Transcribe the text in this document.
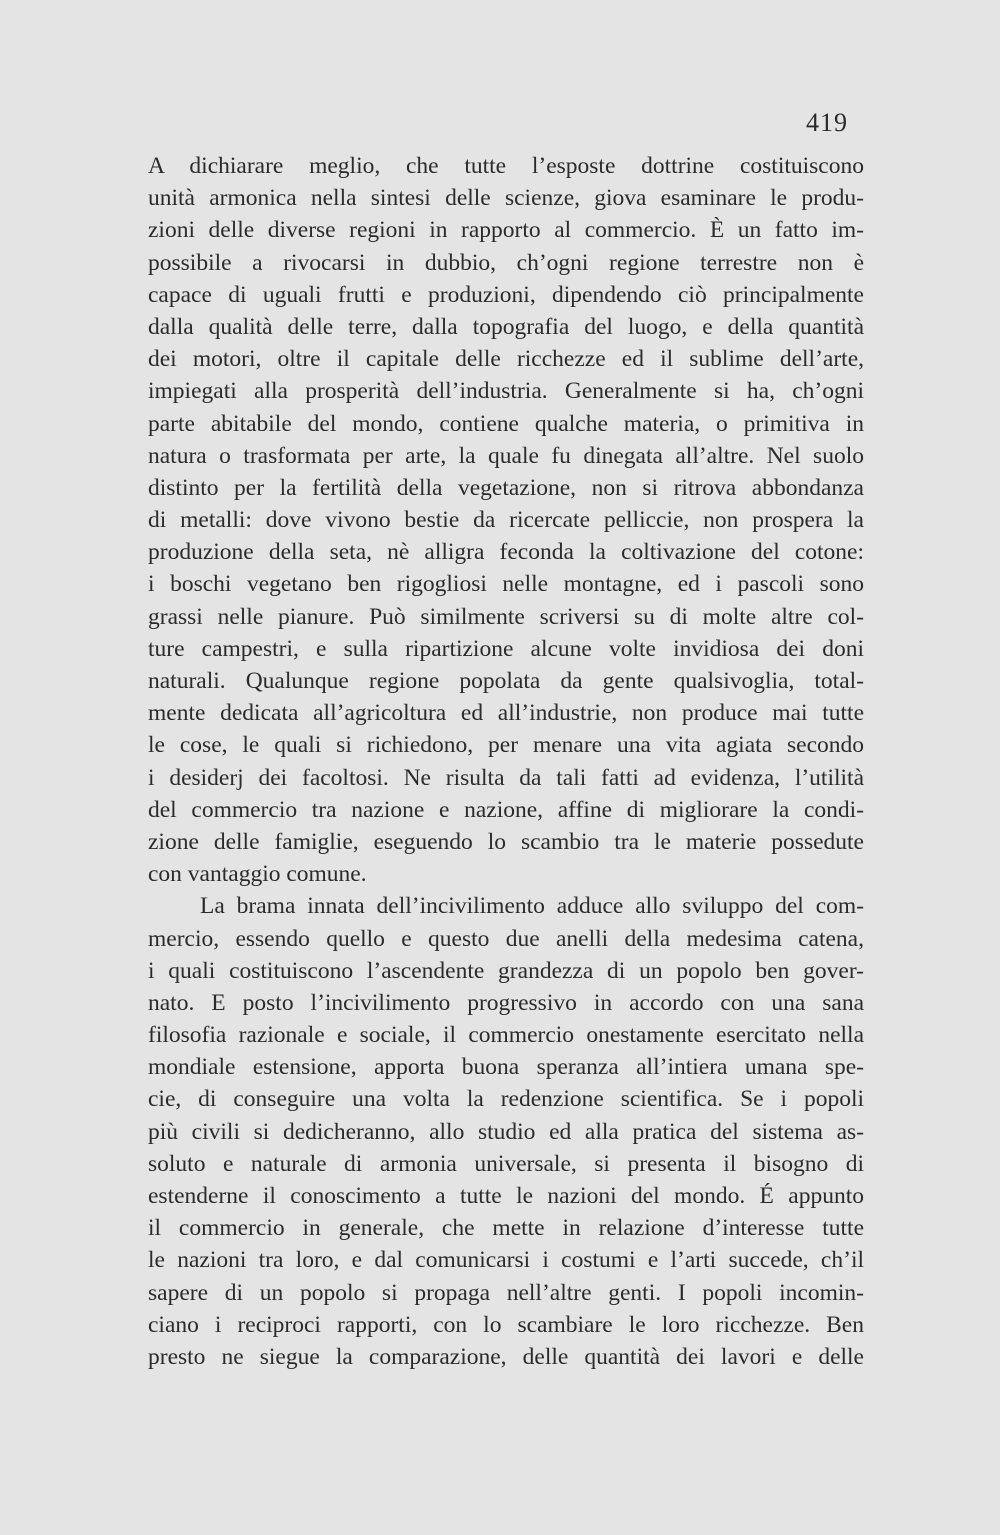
419
A dichiarare meglio, che tutte l’esposte dottrine costituiscono
unità armonica nella sintesi delle scienze, giova esaminare le produ-
zioni delle diverse regioni in rapporto al commercio. È un fatto im-
possibile a rivocarsi in dubbio, ch’ogni regione terrestre non è
capace di uguali frutti e produzioni, dipendendo ciò principalmente
dalla qualità delle terre, dalla topografia del luogo, e della quantità
dei motori, oltre il capitale delle ricchezze ed il sublime dell’arte,
impiegati alla prosperità dell’industria. Generalmente si ha, ch’ogni
parte abitabile del mondo, contiene qualche materia, o primitiva in
natura o trasformata per arte, la quale fu dinegata all’altre. Nel suolo
distinto per la fertilità della vegetazione, non si ritrova abbondanza
di metalli: dove vivono bestie da ricercate pelliccie, non prospera la
produzione della seta, nè alligra feconda la coltivazione del cotone:
i boschi vegetano ben rigogliosi nelle montagne, ed i pascoli sono
grassi nelle pianure. Può similmente scriversi su di molte altre col-
ture campestri, e sulla ripartizione alcune volte invidiosa dei doni
naturali. Qualunque regione popolata da gente qualsivoglia, total-
mente dedicata all’agricoltura ed all’industrie, non produce mai tutte
le cose, le quali si richiedono, per menare una vita agiata secondo
i desiderj dei facoltosi. Ne risulta da tali fatti ad evidenza, l’utilità
del commercio tra nazione e nazione, affine di migliorare la condi-
zione delle famiglie, eseguendo lo scambio tra le materie possedute
con vantaggio comune.
La brama innata dell’incivilimento adduce allo sviluppo del com-
mercio, essendo quello e questo due anelli della medesima catena,
i quali costituiscono l’ascendente grandezza di un popolo ben gover-
nato. E posto l’incivilimento progressivo in accordo con una sana
filosofia razionale e sociale, il commercio onestamente esercitato nella
mondiale estensione, apporta buona speranza all’intiera umana spe-
cie, di conseguire una volta la redenzione scientifica. Se i popoli
più civili si dedicheranno, allo studio ed alla pratica del sistema as-
soluto e naturale di armonia universale, si presenta il bisogno di
estenderne il conoscimento a tutte le nazioni del mondo. É appunto
il commercio in generale, che mette in relazione d’interesse tutte
le nazioni tra loro, e dal comunicarsi i costumi e l’arti succede, ch’il
sapere di un popolo si propaga nell’altre genti. I popoli incomin-
ciano i reciproci rapporti, con lo scambiare le loro ricchezze. Ben
presto ne siegue la comparazione, delle quantità dei lavori e delle
